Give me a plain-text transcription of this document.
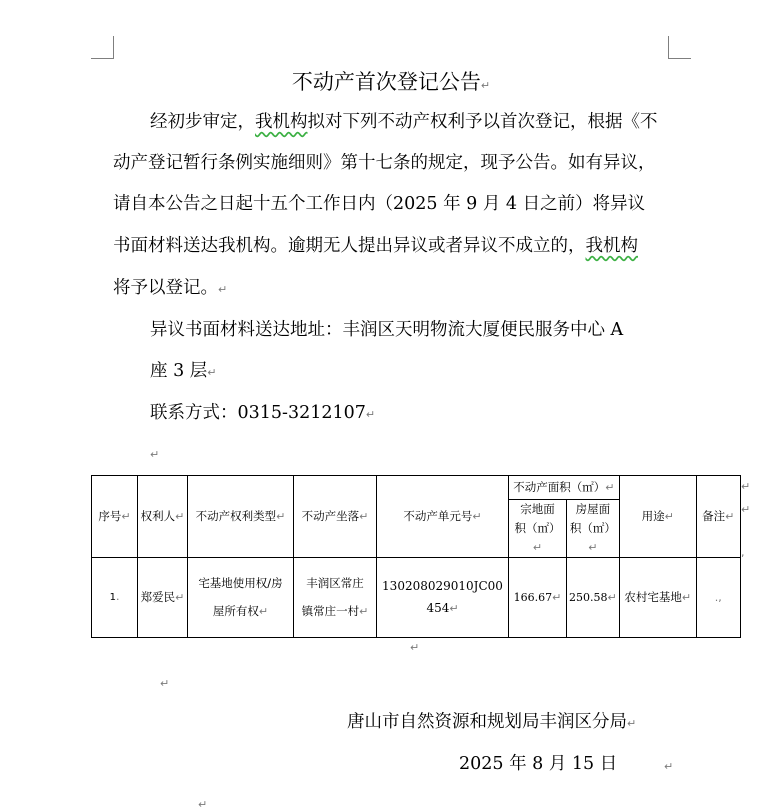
不动产首次登记公告↵
经初步审定，我机构拟对下列不动产权利予以首次登记，根据《不
动产登记暂行条例实施细则》第十七条的规定，现予公告。如有异议，
请自本公告之日起十五个工作日内（2025 年 9 月 4 日之前）将异议
书面材料送达我机构。逾期无人提出异议或者异议不成立的，我机构
将予以登记。↵
异议书面材料送达地址：丰润区天明物流大厦便民服务中心 A
座 3 层↵
联系方式：0315-3212107↵
↵
序号↵	权利人↵	不动产权利类型↵	不动产坐落↵	不动产单元号↵	不动产面积（㎡）↵		用途↵	备注↵
					宗地面
积（㎡）↵	房屋面
积（㎡）↵		
1.	郑爱民↵	宅基地使用权/房
屋所有权↵	丰润区常庄
镇常庄一村↵	130208029010JC00
454↵	166.67↵	250.58↵	农村宅基地↵	.,
↵
↵
,
↵
↵
唐山市自然资源和规划局丰润区分局↵
2025 年 8 月 15 日	↵
↵
